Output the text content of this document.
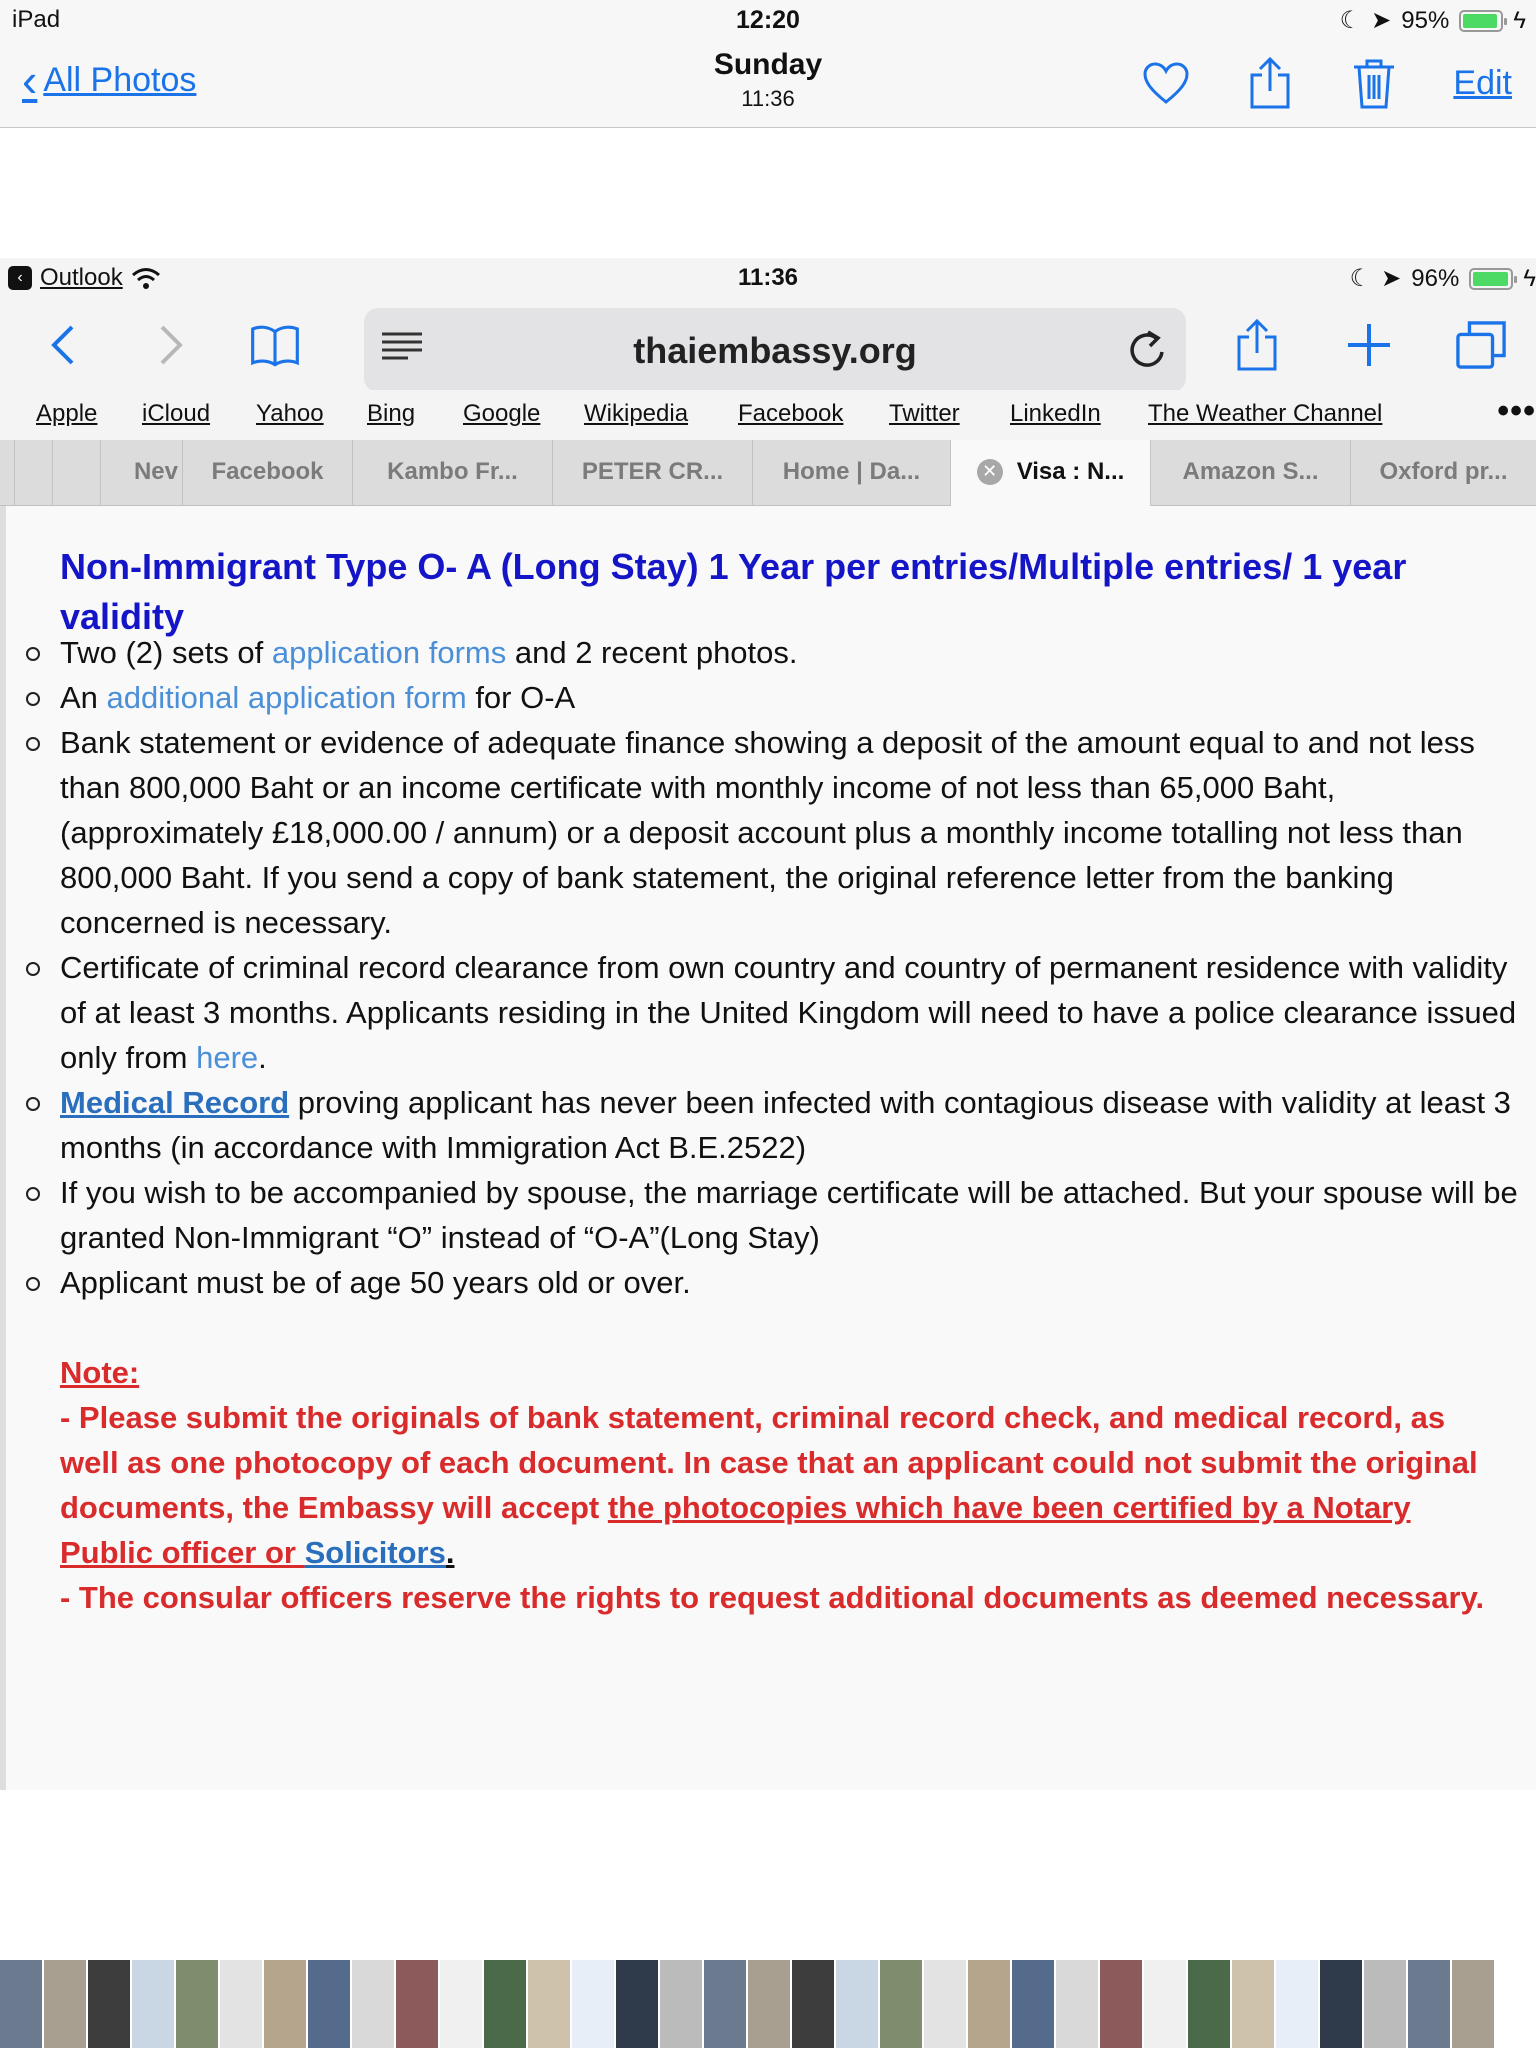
iPad	12:20	☾ ➤ 95%	ϟ
‹ All Photos	Sunday
11:36	Edit
‹ Outlook	11:36	☾ ➤ 96%	ϟ
thaiembassy.org
Apple iCloud Yahoo Bing Google Wikipedia Facebook Twitter LinkedIn The Weather Channel	•••
Nev	Facebook	Kambo Fr...	PETER CR...	Home | Da...	✕ Visa : N...	Amazon S...	Oxford pr...
Non-Immigrant Type O- A (Long Stay) 1 Year per entries/Multiple entries/ 1 year validity
Two (2) sets of application forms and 2 recent photos.
An additional application form for O-A
Bank statement or evidence of adequate finance showing a deposit of the amount equal to and not less than 800,000 Baht or an income certificate with monthly income of not less than 65,000 Baht, (approximately £18,000.00 / annum) or a deposit account plus a monthly income totalling not less than 800,000 Baht. If you send a copy of bank statement, the original reference letter from the banking concerned is necessary.
Certificate of criminal record clearance from own country and country of permanent residence with validity of at least 3 months. Applicants residing in the United Kingdom will need to have a police clearance issued only from here.
Medical Record proving applicant has never been infected with contagious disease with validity at least 3 months (in accordance with Immigration Act B.E.2522)
If you wish to be accompanied by spouse, the marriage certificate will be attached. But your spouse will be granted Non-Immigrant “O” instead of “O-A”(Long Stay)
Applicant must be of age 50 years old or over.
Note:
- Please submit the originals of bank statement, criminal record check, and medical record, as well as one photocopy of each document. In case that an applicant could not submit the original documents, the Embassy will accept the photocopies which have been certified by a Notary Public officer or Solicitors.
- The consular officers reserve the rights to request additional documents as deemed necessary.
